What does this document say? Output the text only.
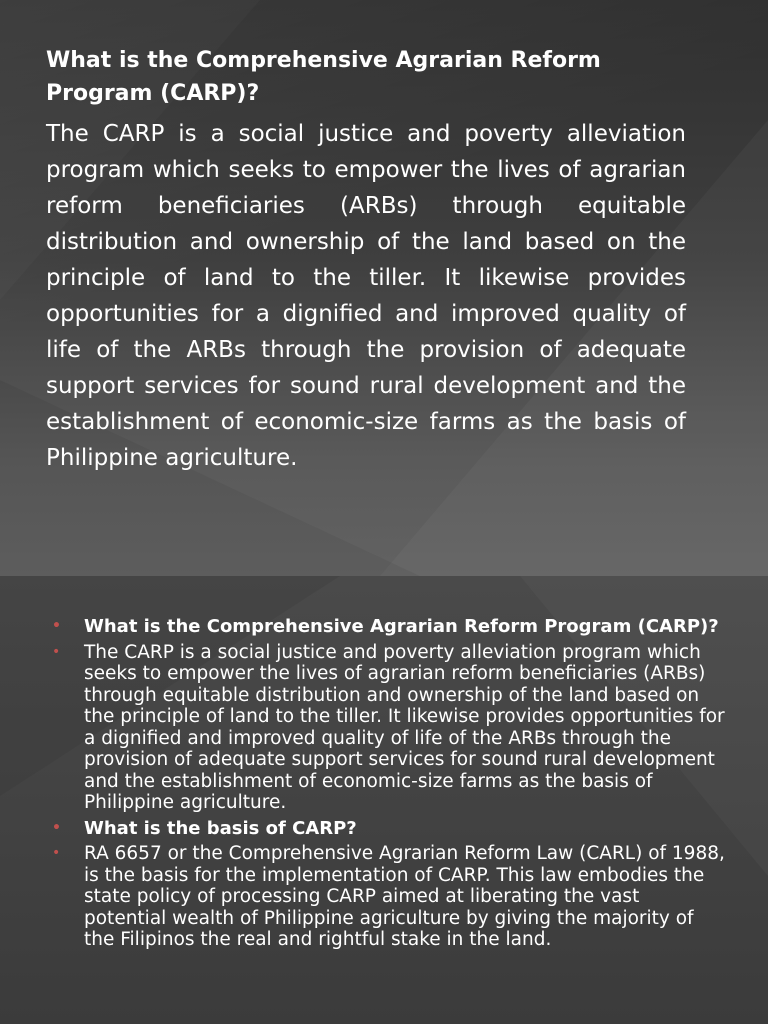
What is the Comprehensive Agrarian Reform Program (CARP)?

The CARP is a social justice and poverty alleviation program which seeks to empower the lives of agrarian reform beneficiaries (ARBs) through equitable distribution and ownership of the land based on the principle of land to the tiller. It likewise provides opportunities for a dignified and improved quality of life of the ARBs through the provision of adequate support services for sound rural development and the establishment of economic-size farms as the basis of Philippine agriculture.

• What is the Comprehensive Agrarian Reform Program (CARP)?
• The CARP is a social justice and poverty alleviation program which seeks to empower the lives of agrarian reform beneficiaries (ARBs) through equitable distribution and ownership of the land based on the principle of land to the tiller. It likewise provides opportunities for a dignified and improved quality of life of the ARBs through the provision of adequate support services for sound rural development and the establishment of economic-size farms as the basis of Philippine agriculture.
• What is the basis of CARP?
• RA 6657 or the Comprehensive Agrarian Reform Law (CARL) of 1988, is the basis for the implementation of CARP. This law embodies the state policy of processing CARP aimed at liberating the vast potential wealth of Philippine agriculture by giving the majority of the Filipinos the real and rightful stake in the land.
